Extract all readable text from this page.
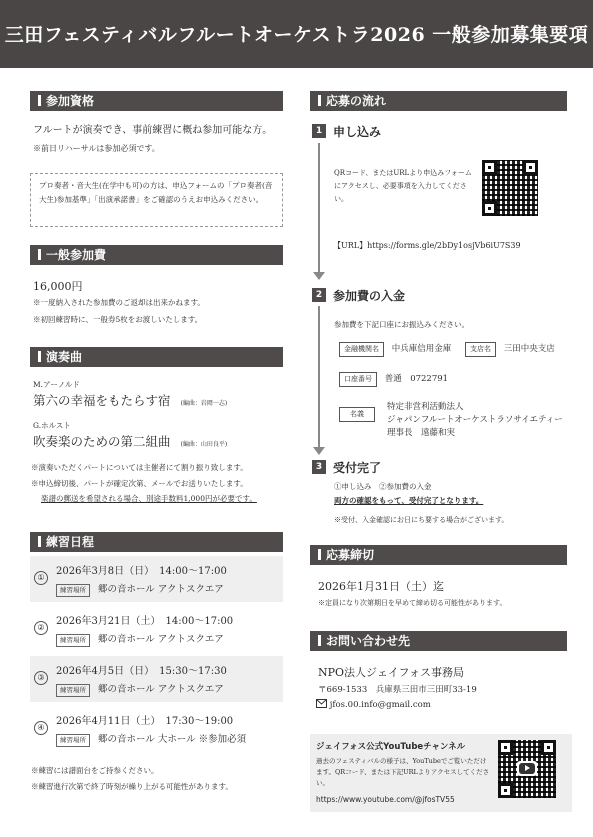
三田フェスティバルフルートオーケストラ2026 一般参加募集要項
参加資格
フルートが演奏でき、事前練習に概ね参加可能な方。
※前日リハーサルは参加必須です。
プロ奏者・音大生(在学中も可)の方は、申込フォームの「プロ奏者(音大生)参加基準」「出演承諾書」をご確認のうえお申込みください。
一般参加費
16,000円
※一度納入された参加費のご返却は出来かねます。
※初回練習時に、一般券5枚をお渡しいたします。
演奏曲
M.アーノルド
第六の幸福をもたらす宿 (編曲：岩岡一志)
G.ホルスト
吹奏楽のための第二組曲 (編曲：山田良平)
※演奏いただくパートについては主催者にて割り振り致します。
※申込締切後、パートが確定次第、メールでお送りいたします。
楽譜の郵送を希望される場合、別途手数料1,000円が必要です。
練習日程
①
2026年3月8日（日）　14:00～17:00
練習場所 郷の音ホール アクトスクエア
②
2026年3月21日（土）　14:00～17:00
練習場所 郷の音ホール アクトスクエア
③
2026年4月5日（日）　15:30～17:30
練習場所 郷の音ホール アクトスクエア
④
2026年4月11日（土）　17:30～19:00
練習場所 郷の音ホール 大ホール ※参加必須
※練習には譜面台をご持参ください。
※練習進行次第で終了時刻が繰り上がる可能性があります。
応募の流れ
1 申し込み
QRコード、またはURLより申込みフォームにアクセスし、必要事項を入力してください。
【URL】https://forms.gle/2bDy1osjVb6iU7S39
2 参加費の入金
参加費を下記口座にお振込みください。
金融機関名 中兵庫信用金庫	支店名 三田中央支店
口座番号 普通　0722791
名義
特定非営利活動法人
ジャパンフルートオーケストラソサイエティー
理事長　遠藤和実
3 受付完了
①申し込み　②参加費の入金
両方の確認をもって、受付完了となります。
※受付、入金確認にお日にち要する場合がございます。
応募締切
2026年1月31日（土）迄
※定員になり次第期日を早めて締め切る可能性があります。
お問い合わせ先
NPO法人ジェイフォス事務局
〒669-1533　兵庫県三田市三田町33-19
jfos.00.info@gmail.com
ジェイフォス公式YouTubeチャンネル
過去のフェスティバルの様子は、YouTubeでご覧いただけます。QRコード、または下記URLよりアクセスしてください。
https://www.youtube.com/@jfosTV55
